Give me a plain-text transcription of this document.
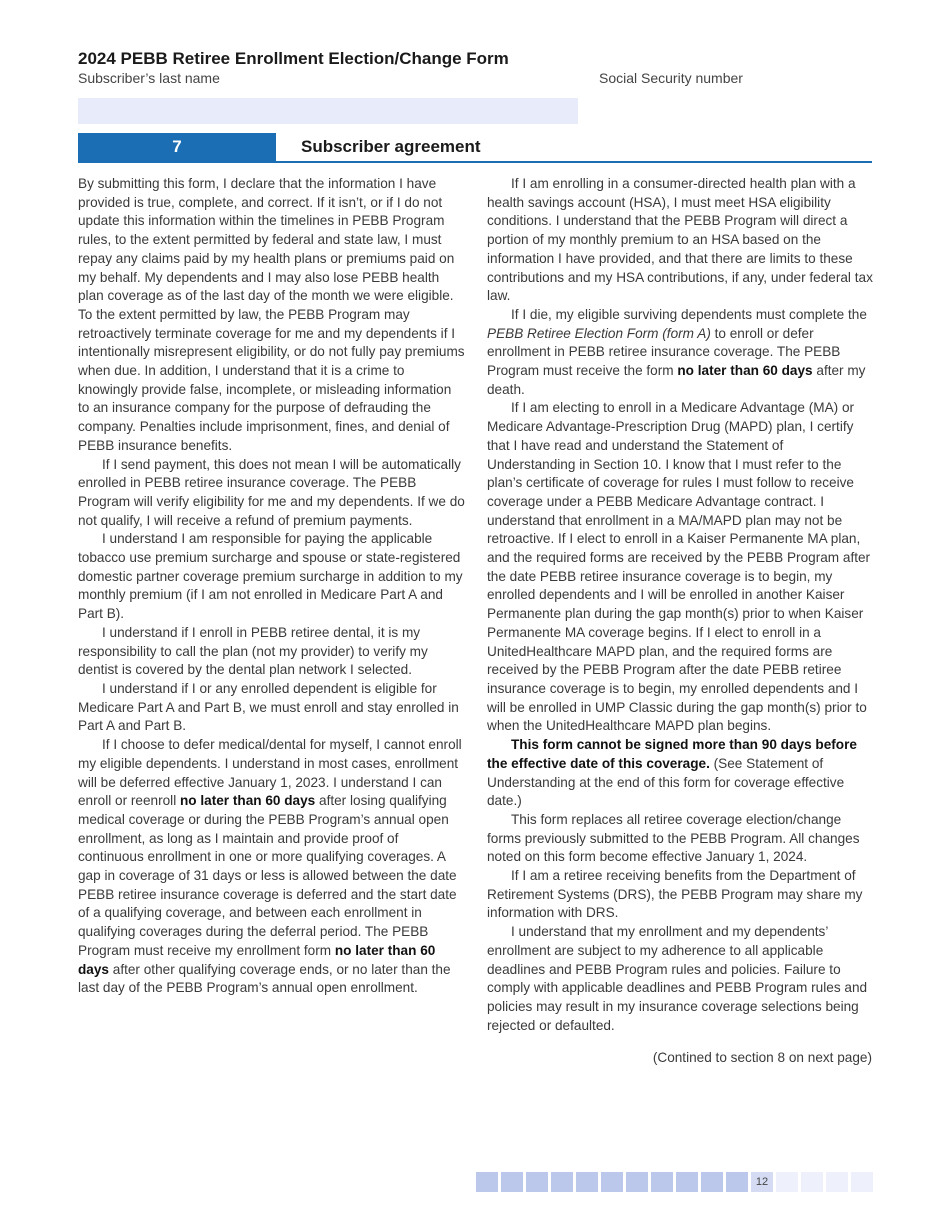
2024 PEBB Retiree Enrollment Election/Change Form
Subscriber’s last name	Social Security number
7	Subscriber agreement

By submitting this form, I declare that the information I have provided is true, complete, and correct. If it isn’t, or if I do not update this information within the timelines in PEBB Program rules, to the extent permitted by federal and state law, I must repay any claims paid by my health plans or premiums paid on my behalf. My dependents and I may also lose PEBB health plan coverage as of the last day of the month we were eligible. To the extent permitted by law, the PEBB Program may retroactively terminate coverage for me and my dependents if I intentionally misrepresent eligibility, or do not fully pay premiums when due. In addition, I understand that it is a crime to knowingly provide false, incomplete, or misleading information to an insurance company for the purpose of defrauding the company. Penalties include imprisonment, fines, and denial of PEBB insurance benefits.

If I send payment, this does not mean I will be automatically enrolled in PEBB retiree insurance coverage. The PEBB Program will verify eligibility for me and my dependents. If we do not qualify, I will receive a refund of premium payments.

I understand I am responsible for paying the applicable tobacco use premium surcharge and spouse or state-registered domestic partner coverage premium surcharge in addition to my monthly premium (if I am not enrolled in Medicare Part A and Part B).

I understand if I enroll in PEBB retiree dental, it is my responsibility to call the plan (not my provider) to verify my dentist is covered by the dental plan network I selected.

I understand if I or any enrolled dependent is eligible for Medicare Part A and Part B, we must enroll and stay enrolled in Part A and Part B.

If I choose to defer medical/dental for myself, I cannot enroll my eligible dependents. I understand in most cases, enrollment will be deferred effective January 1, 2023. I understand I can enroll or reenroll no later than 60 days after losing qualifying medical coverage or during the PEBB Program’s annual open enrollment, as long as I maintain and provide proof of continuous enrollment in one or more qualifying coverages. A gap in coverage of 31 days or less is allowed between the date PEBB retiree insurance coverage is deferred and the start date of a qualifying coverage, and between each enrollment in qualifying coverages during the deferral period. The PEBB Program must receive my enrollment form no later than 60 days after other qualifying coverage ends, or no later than the last day of the PEBB Program’s annual open enrollment.

If I am enrolling in a consumer-directed health plan with a health savings account (HSA), I must meet HSA eligibility conditions. I understand that the PEBB Program will direct a portion of my monthly premium to an HSA based on the information I have provided, and that there are limits to these contributions and my HSA contributions, if any, under federal tax law.

If I die, my eligible surviving dependents must complete the PEBB Retiree Election Form (form A) to enroll or defer enrollment in PEBB retiree insurance coverage. The PEBB Program must receive the form no later than 60 days after my death.

If I am electing to enroll in a Medicare Advantage (MA) or Medicare Advantage-Prescription Drug (MAPD) plan, I certify that I have read and understand the Statement of Understanding in Section 10. I know that I must refer to the plan’s certificate of coverage for rules I must follow to receive coverage under a PEBB Medicare Advantage contract. I understand that enrollment in a MA/MAPD plan may not be retroactive. If I elect to enroll in a Kaiser Permanente MA plan, and the required forms are received by the PEBB Program after the date PEBB retiree insurance coverage is to begin, my enrolled dependents and I will be enrolled in another Kaiser Permanente plan during the gap month(s) prior to when Kaiser Permanente MA coverage begins. If I elect to enroll in a UnitedHealthcare MAPD plan, and the required forms are received by the PEBB Program after the date PEBB retiree insurance coverage is to begin, my enrolled dependents and I will be enrolled in UMP Classic during the gap month(s) prior to when the UnitedHealthcare MAPD plan begins.

This form cannot be signed more than 90 days before the effective date of this coverage. (See Statement of Understanding at the end of this form for coverage effective date.)

This form replaces all retiree coverage election/change forms previously submitted to the PEBB Program. All changes noted on this form become effective January 1, 2024.

If I am a retiree receiving benefits from the Department of Retirement Systems (DRS), the PEBB Program may share my information with DRS.

I understand that my enrollment and my dependents’ enrollment are subject to my adherence to all applicable deadlines and PEBB Program rules and policies. Failure to comply with applicable deadlines and PEBB Program rules and policies may result in my insurance coverage selections being rejected or defaulted.

(Contined to section 8 on next page)
12
